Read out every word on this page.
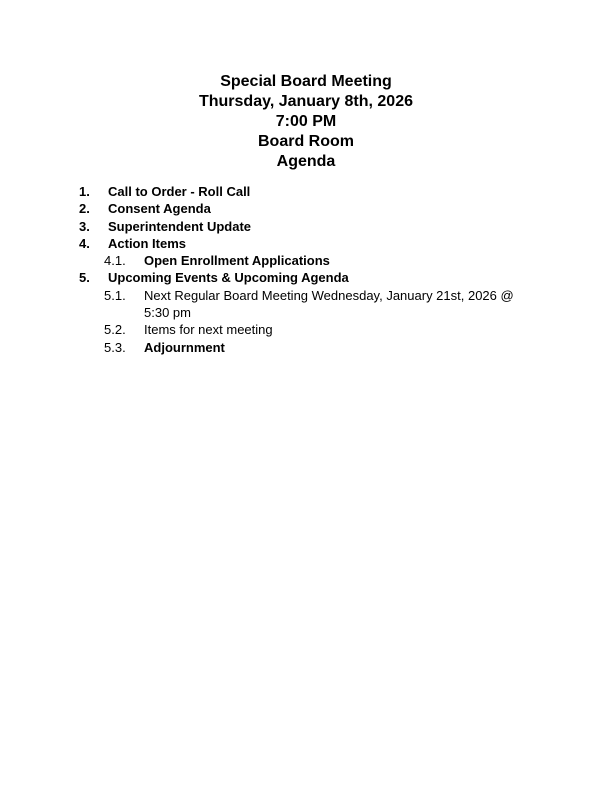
Special Board Meeting
Thursday, January 8th, 2026
7:00 PM
Board Room
Agenda
1. Call to Order - Roll Call
2. Consent Agenda
3. Superintendent Update
4. Action Items
4.1. Open Enrollment Applications
5. Upcoming Events & Upcoming Agenda
5.1. Next Regular Board Meeting Wednesday, January 21st, 2026 @ 5:30 pm
5.2. Items for next meeting
5.3. Adjournment
